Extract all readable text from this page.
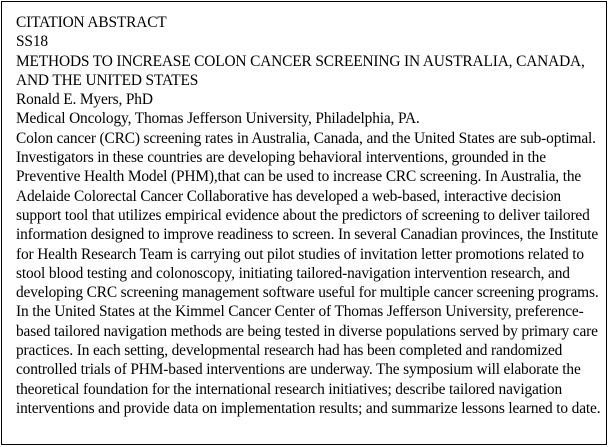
CITATION ABSTRACT

SS18

METHODS TO INCREASE COLON CANCER SCREENING IN AUSTRALIA, CANADA,

AND THE UNITED STATES

Ronald E. Myers, PhD

Medical Oncology, Thomas Jefferson University, Philadelphia, PA.

Colon cancer (CRC) screening rates in Australia, Canada, and the United States are sub-optimal.
Investigators in these countries are developing behavioral interventions, grounded in the
Preventive Health Model (PHM),that can be used to increase CRC screening. In Australia, the
Adelaide Colorectal Cancer Collaborative has developed a web-based, interactive decision
support tool that utilizes empirical evidence about the predictors of screening to deliver tailored
information designed to improve readiness to screen. In several Canadian provinces, the Institute
for Health Research Team is carrying out pilot studies of invitation letter promotions related to
stool blood testing and colonoscopy, initiating tailored-navigation intervention research, and
developing CRC screening management software useful for multiple cancer screening programs.
In the United States at the Kimmel Cancer Center of Thomas Jefferson University, preference-
based tailored navigation methods are being tested in diverse populations served by primary care
practices. In each setting, developmental research had has been completed and randomized
controlled trials of PHM-based interventions are underway. The symposium will elaborate the
theoretical foundation for the international research initiatives; describe tailored navigation
interventions and provide data on implementation results; and summarize lessons learned to date.
